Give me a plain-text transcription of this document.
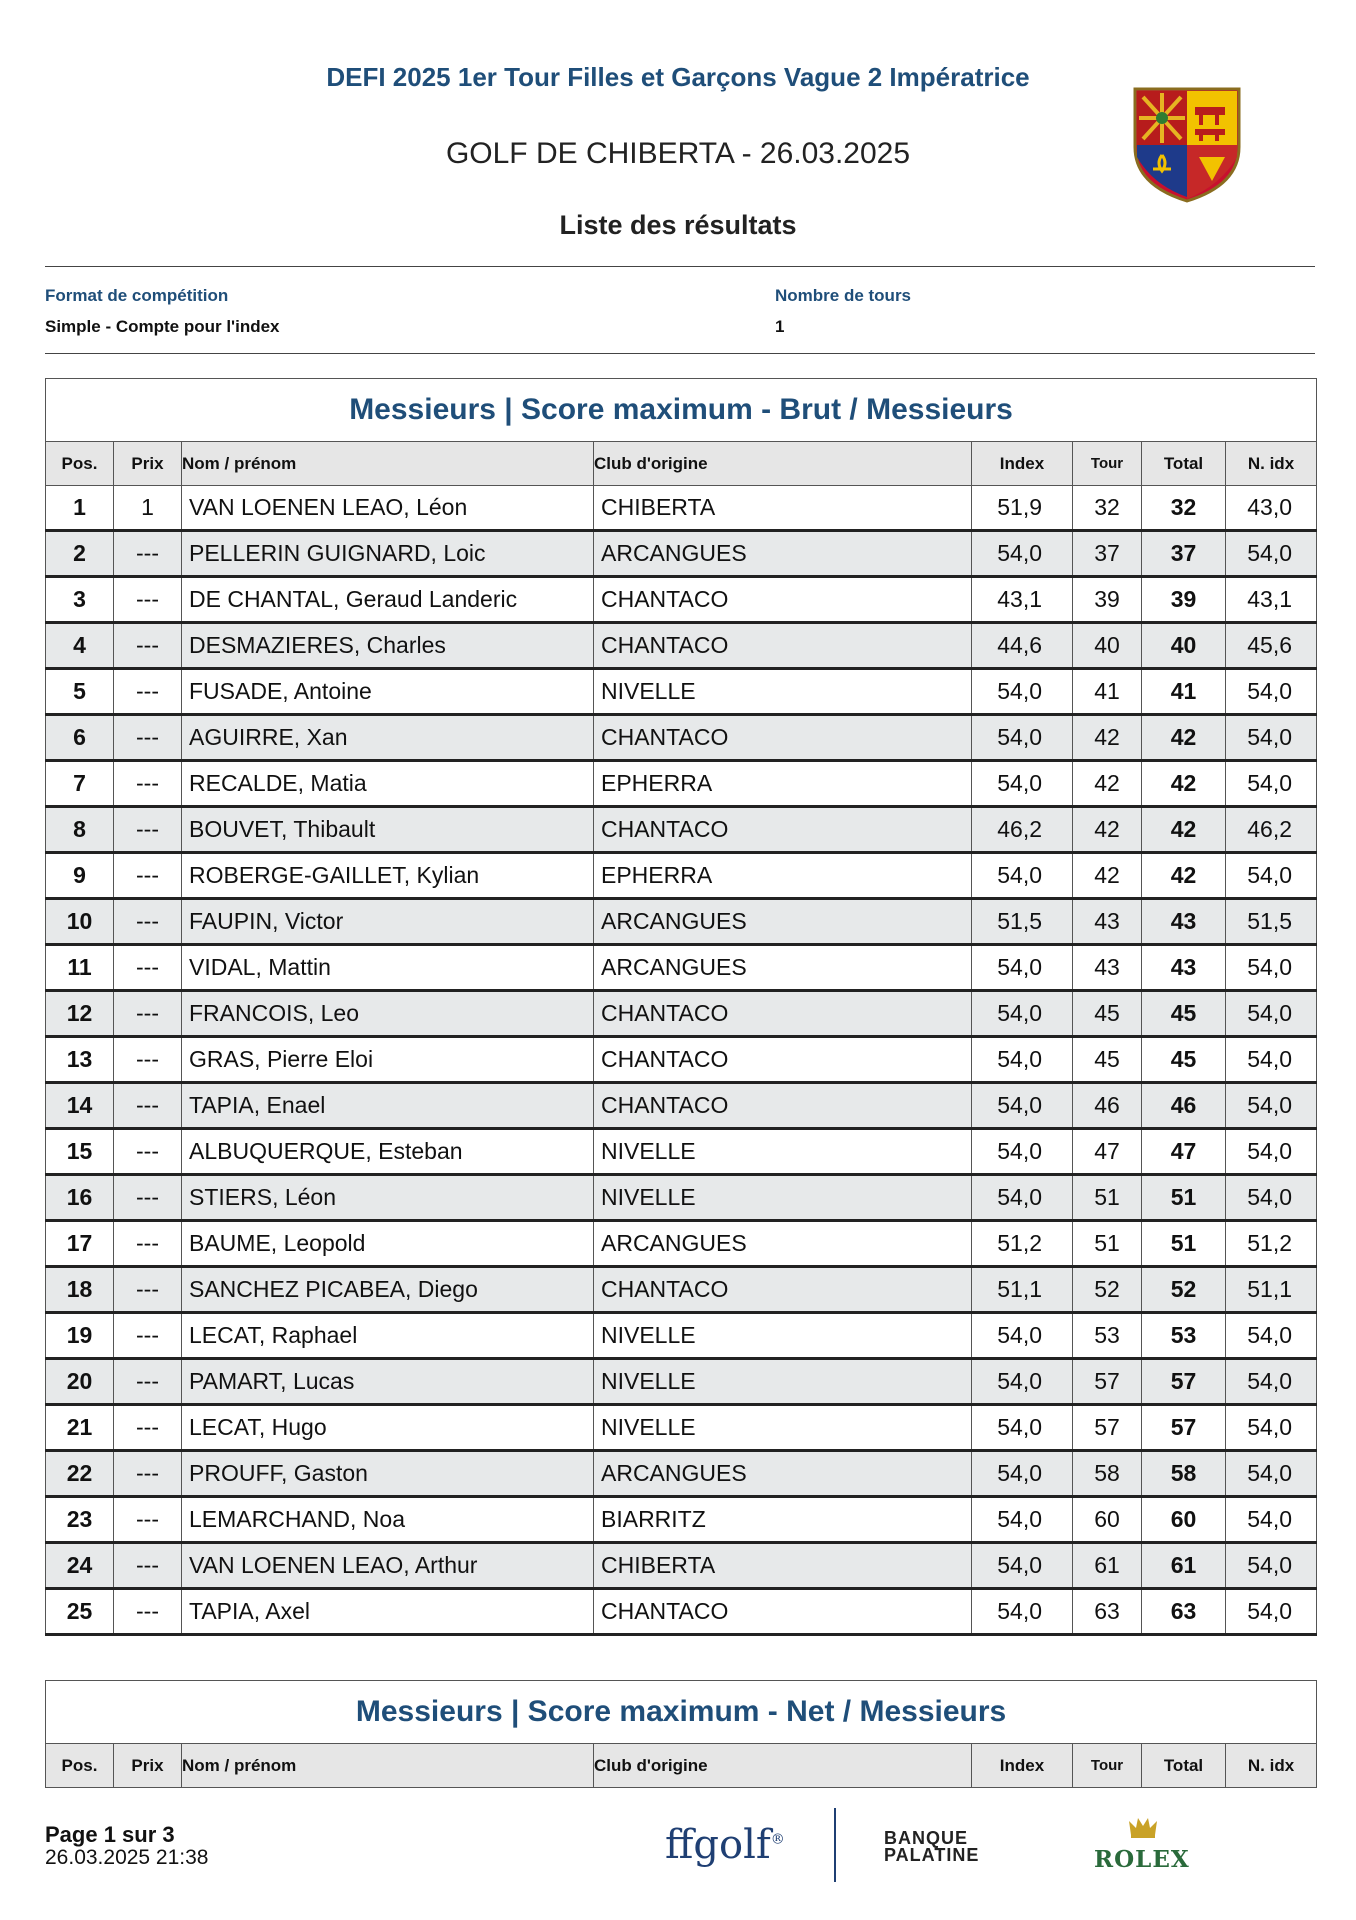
DEFI 2025 1er Tour Filles et Garçons Vague 2 Impératrice
GOLF DE CHIBERTA - 26.03.2025
Liste des résultats
Format de compétition
Simple - Compte pour l'index
Nombre de tours
1
Messieurs | Score maximum - Brut / Messieurs							
Pos.	Prix	Nom / prénom	Club d'origine	Index	Tour	Total	N. idx
1	1	VAN LOENEN LEAO, Léon	CHIBERTA	51,9	32	32	43,0
2	---	PELLERIN GUIGNARD, Loic	ARCANGUES	54,0	37	37	54,0
3	---	DE CHANTAL, Geraud Landeric	CHANTACO	43,1	39	39	43,1
4	---	DESMAZIERES, Charles	CHANTACO	44,6	40	40	45,6
5	---	FUSADE, Antoine	NIVELLE	54,0	41	41	54,0
6	---	AGUIRRE, Xan	CHANTACO	54,0	42	42	54,0
7	---	RECALDE, Matia	EPHERRA	54,0	42	42	54,0
8	---	BOUVET, Thibault	CHANTACO	46,2	42	42	46,2
9	---	ROBERGE-GAILLET, Kylian	EPHERRA	54,0	42	42	54,0
10	---	FAUPIN, Victor	ARCANGUES	51,5	43	43	51,5
11	---	VIDAL, Mattin	ARCANGUES	54,0	43	43	54,0
12	---	FRANCOIS, Leo	CHANTACO	54,0	45	45	54,0
13	---	GRAS, Pierre Eloi	CHANTACO	54,0	45	45	54,0
14	---	TAPIA, Enael	CHANTACO	54,0	46	46	54,0
15	---	ALBUQUERQUE, Esteban	NIVELLE	54,0	47	47	54,0
16	---	STIERS, Léon	NIVELLE	54,0	51	51	54,0
17	---	BAUME, Leopold	ARCANGUES	51,2	51	51	51,2
18	---	SANCHEZ PICABEA, Diego	CHANTACO	51,1	52	52	51,1
19	---	LECAT, Raphael	NIVELLE	54,0	53	53	54,0
20	---	PAMART, Lucas	NIVELLE	54,0	57	57	54,0
21	---	LECAT, Hugo	NIVELLE	54,0	57	57	54,0
22	---	PROUFF, Gaston	ARCANGUES	54,0	58	58	54,0
23	---	LEMARCHAND, Noa	BIARRITZ	54,0	60	60	54,0
24	---	VAN LOENEN LEAO, Arthur	CHIBERTA	54,0	61	61	54,0
25	---	TAPIA, Axel	CHANTACO	54,0	63	63	54,0
Messieurs | Score maximum - Net / Messieurs
Pos.	Prix	Nom / prénom	Club d'origine	Index	Tour	Total	N. idx
Page 1 sur 3
26.03.2025 21:38	ffgolf®	BANQUE
PALATINE	ROLEX
